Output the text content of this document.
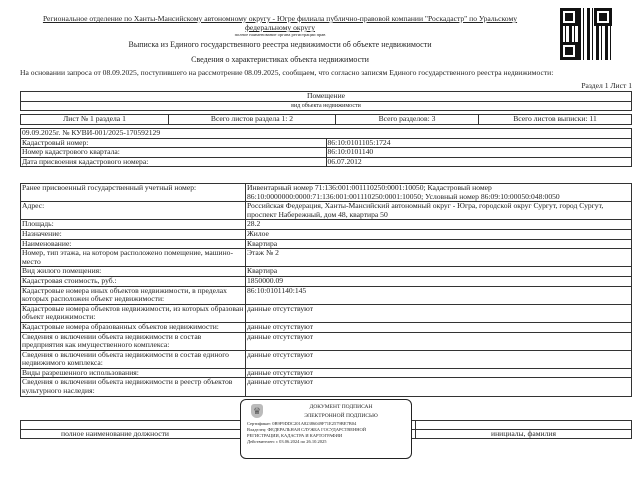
Региональное отделение по Ханты-Мансийскому автономному округу - Югре филиала публично-правовой компании "Роскадастр" по Уральскому федеральному округу
полное наименование органа регистрации прав
Выписка из Единого государственного реестра недвижимости об объекте недвижимости
Сведения о характеристиках объекта недвижимости
На основании запроса от 08.09.2025, поступившего на рассмотрение 08.09.2025, сообщаем, что согласно записям Единого государственного реестра недвижимости:
Раздел 1 Лист 1
Помещение
вид объекта недвижимости
Лист № 1 раздела 1	Всего листов раздела 1: 2	Всего разделов: 3	Всего листов выписки: 11
09.09.2025г. № КУВИ-001/2025-170592129	
Кадастровый номер:	86:10:0101105:1724
Номер кадастрового квартала:	86:10:0101140
Дата присвоения кадастрового номера:	06.07.2012
Ранее присвоенный государственный учетный номер:	Инвентарный номер 71:136:001:001110250:0001:10050; Кадастровый номер 86:10:0000000:0000:71:136:001:001110250:0001:10050; Условный номер 86:09:10:00050:048:0050
Адрес:	Российская Федерация, Ханты-Мансийский автономный округ - Югра, городской округ Сургут, город Сургут, проспект Набережный, дом 48, квартира 50
Площадь:	28.2
Назначение:	Жилое
Наименование:	Квартира
Номер, тип этажа, на котором расположено помещение, машино-место	Этаж № 2
Вид жилого помещения:	Квартира
Кадастровая стоимость, руб.:	1850000.09
Кадастровые номера иных объектов недвижимости, в пределах которых расположен объект недвижимости:	86:10:0101140:145
Кадастровые номера объектов недвижимости, из которых образован объект недвижимости:	данные отсутствуют
Кадастровые номера образованных объектов недвижимости:	данные отсутствуют
Сведения о включении объекта недвижимости в состав предприятия как имущественного комплекса:	данные отсутствуют
Сведения о включении объекта недвижимости в состав единого недвижимого комплекса:	данные отсутствуют
Виды разрешенного использования:	данные отсутствуют
Сведения о включении объекта недвижимости в реестр объектов культурного наследия:	данные отсутствуют

полное наименование должности	инициалы, фамилия
♛	ДОКУМЕНТ ПОДПИСАН
ЭЛЕКТРОННОЙ ПОДПИСЬЮ
Сертификат: 0B9F9DDC201A82386049F71E2579BE7B04
Владелец: ФЕДЕРАЛЬНАЯ СЛУЖБА ГОСУДАРСТВЕННОЙ
РЕГИСТРАЦИИ, КАДАСТРА И КАРТОГРАФИИ
Действителен: с 03.06.2024 по 26.10.2025
